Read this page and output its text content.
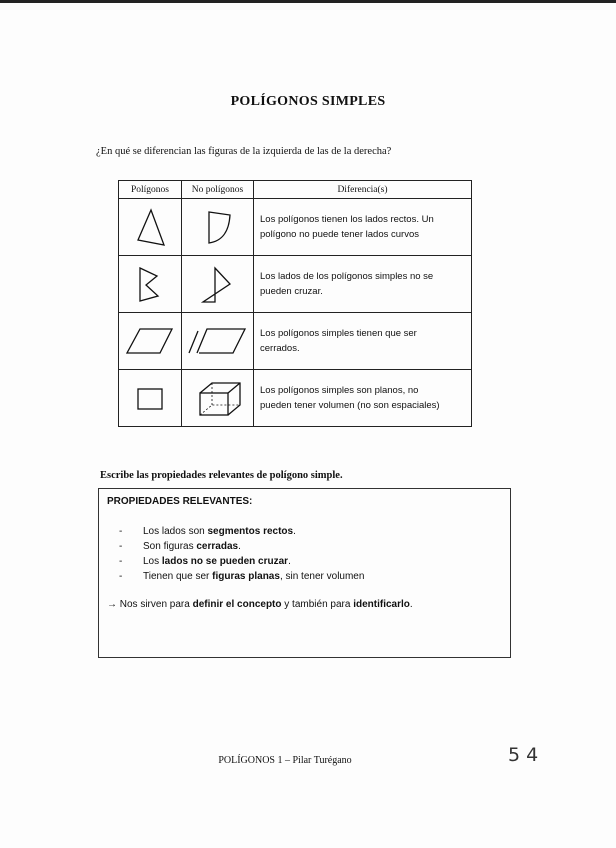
POLÍGONOS SIMPLES
¿En qué se diferencian las figuras de la izquierda de las de la derecha?
Polígonos	No polígonos	Diferencia(s)

Los polígonos tienen los lados rectos. Un
polígono no puede tener lados curvos

Los lados de los polígonos simples no se
pueden cruzar.

Los polígonos simples tienen que ser
cerrados.

Los polígonos simples son planos, no
pueden tener volumen (no son espaciales)
Escribe las propiedades relevantes de polígono simple.
PROPIEDADES RELEVANTES:
- Los lados son segmentos rectos.
- Son figuras cerradas.
- Los lados no se pueden cruzar.
- Tienen que ser figuras planas, sin tener volumen
→ Nos sirven para definir el concepto y también para identificarlo.
POLÍGONOS 1 – Pilar Turégano	5 4
